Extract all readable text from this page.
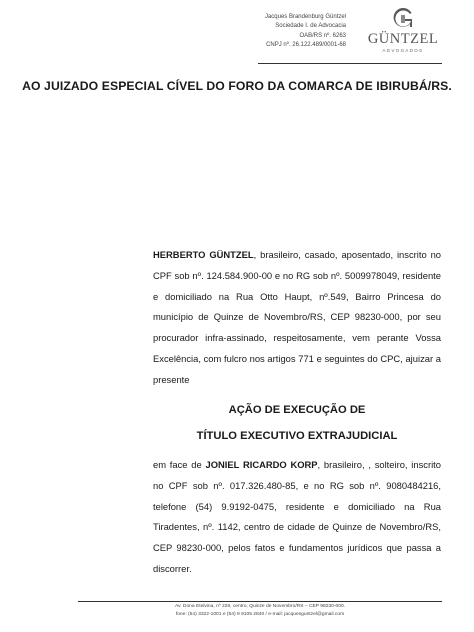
Jacques Brandenburg Güntzel
Sociedade I. de Advocacia
OAB/RS nº. 6263
CNPJ nº. 26.122.489/0001-68 GÜNTZEL
ADVOGADOS
AO JUIZADO ESPECIAL CÍVEL DO FORO DA COMARCA DE IBIRUBÁ/RS.
HERBERTO GÜNTZEL, brasileiro, casado, aposentado, inscrito no CPF sob nº. 124.584.900-00 e no RG sob nº. 5009978049, residente e domiciliado na Rua Otto Haupt, nº.549, Bairro Princesa do município de Quinze de Novembro/RS, CEP 98230-000, por seu procurador infra-assinado, respeitosamente, vem perante Vossa Excelência, com fulcro nos artigos 771 e seguintes do CPC, ajuizar a presente
AÇÃO DE EXECUÇÃO DE
TÍTULO EXECUTIVO EXTRAJUDICIAL
em face de JONIEL RICARDO KORP, brasileiro, , solteiro, inscrito no CPF sob nº. 017.326.480-85, e no RG sob nº. 9080484216, telefone (54) 9.9192-0475, residente e domiciliado na Rua Tiradentes, nº. 1142, centro de cidade de Quinze de Novembro/RS, CEP 98230-000, pelos fatos e fundamentos jurídicos que passa a discorrer.
Av. Dona Etelvina, nº 229, centro, Quinze de Novembro/RS – CEP 98230-000.
fone: (54) 3322-1001 e (54) 9 9105 2840 / e-mail: jacquesguntzel@gmail.com
